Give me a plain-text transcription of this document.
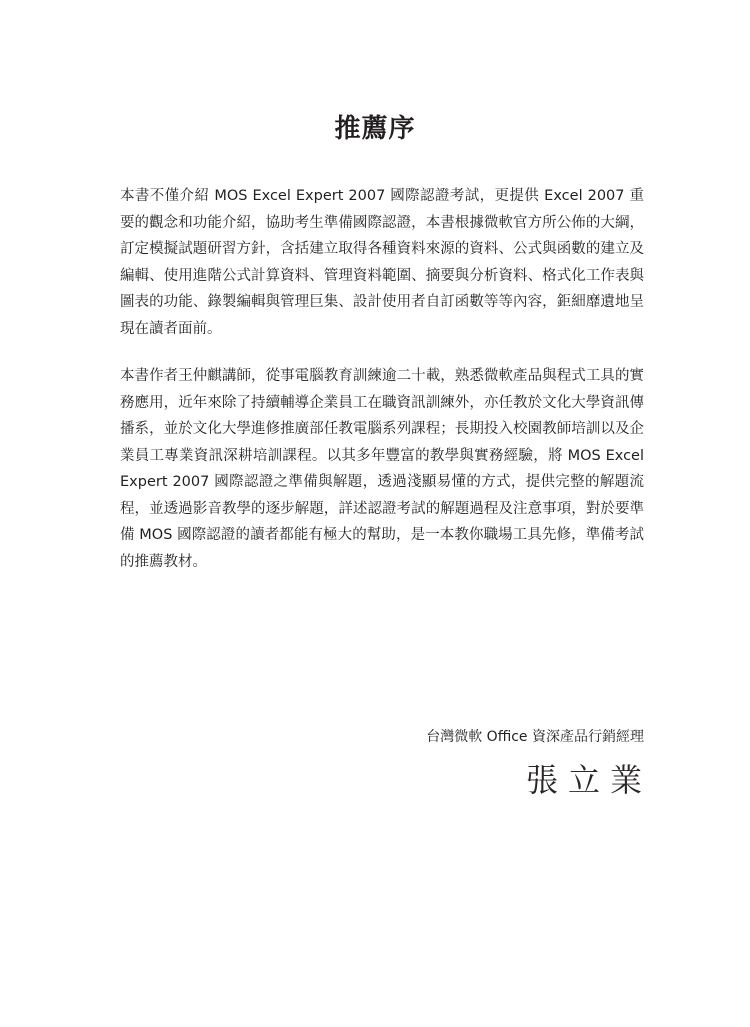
推薦序

本書不僅介紹 MOS Excel Expert 2007 國際認證考試，更提供 Excel 2007 重要的觀念和功能介紹，協助考生準備國際認證，本書根據微軟官方所公佈的大綱，訂定模擬試題研習方針，含括建立取得各種資料來源的資料、公式與函數的建立及編輯、使用進階公式計算資料、管理資料範圍、摘要與分析資料、格式化工作表與圖表的功能、錄製編輯與管理巨集、設計使用者自訂函數等等內容，鉅細靡遺地呈現在讀者面前。

本書作者王仲麒講師，從事電腦教育訓練逾二十載，熟悉微軟產品與程式工具的實務應用，近年來除了持續輔導企業員工在職資訊訓練外，亦任教於文化大學資訊傳播系，並於文化大學進修推廣部任教電腦系列課程；長期投入校園教師培訓以及企業員工專業資訊深耕培訓課程。以其多年豐富的教學與實務經驗，將 MOS Excel Expert 2007 國際認證之準備與解題，透過淺顯易懂的方式，提供完整的解題流程，並透過影音教學的逐步解題，詳述認證考試的解題過程及注意事項，對於要準備 MOS 國際認證的讀者都能有極大的幫助，是一本教你職場工具先修，準備考試的推薦教材。

台灣微軟 Office 資深產品行銷經理
張立業
